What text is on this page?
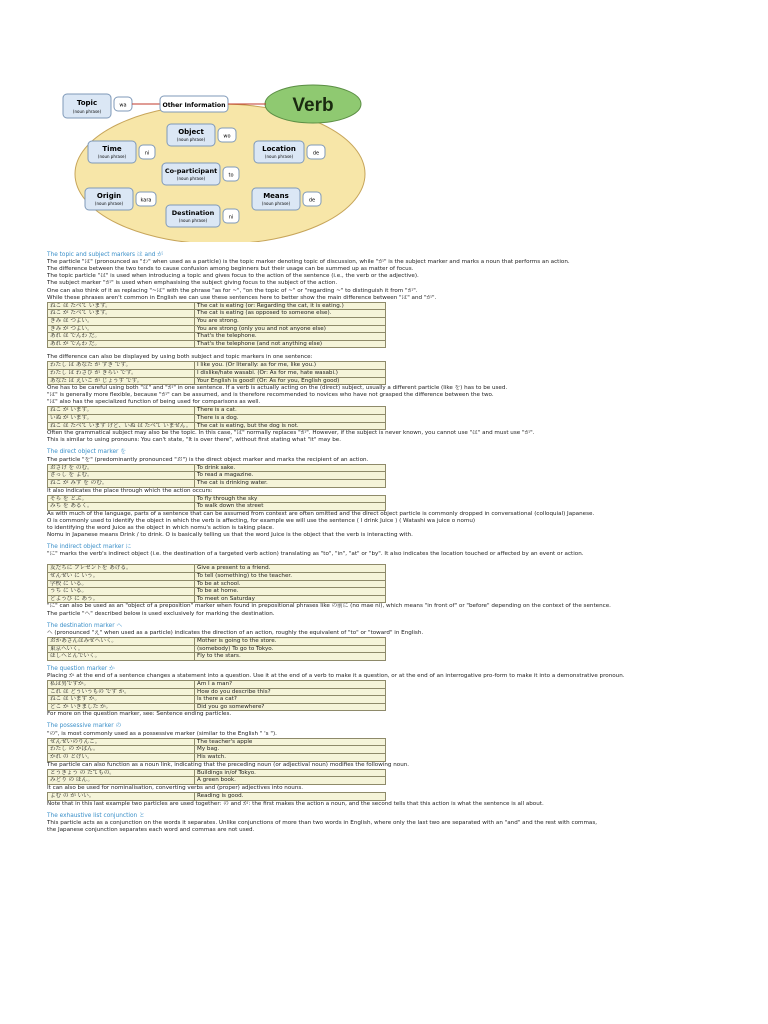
Verb
Topic
(noun phrase)
wa	Other Information
Object
(noun phrase)	wo
Time
(noun phrase)	ni
Location
(noun phrase)	de
Co-participant
(noun phrase)	to
Origin
(noun phrase)	kara
Means
(noun phrase)	de
Destination
(noun phrase)	ni
The topic and subject markers は and が
The particle "は" (pronounced as "わ" when used as a particle) is the topic marker denoting topic of discussion, while "が" is the subject marker and marks a noun that performs an action.
The difference between the two tends to cause confusion among beginners but their usage can be summed up as matter of focus.
The topic particle "は" is used when introducing a topic and gives focus to the action of the sentence (i.e., the verb or the adjective).
The subject marker "が" is used when emphasising the subject giving focus to the subject of the action.
One can also think of it as replacing "~は" with the phrase "as for ~", "on the topic of ~" or "regarding ~" to distinguish it from "が".
While these phrases aren't common in English we can use these sentences here to better show the main difference between "は" and "が".
ねこ は たべて います。	The cat is eating (or: Regarding the cat, it is eating.)
ねこ が たべて います。	The cat is eating (as opposed to someone else).
きみ は つよい。	You are strong.
きみ が つよい。	You are strong (only you and not anyone else)
あれ は でんわ だ。	That's the telephone.
あれ が でんわ だ。	That's the telephone (and not anything else)
The difference can also be displayed by using both subject and topic markers in one sentence:
わたし は あなた が すき です。	I like you. (Or literally: as for me, like you.)
わたし は わさび が きらい です。	I dislike/hate wasabi. (Or: As for me, hate wasabi.)
あなた は えいご が じょうず です。	Your English is good! (Or: As for you, English good)
One has to be careful using both "は" and "が" in one sentence. If a verb is actually acting on the (direct) subject, usually a different particle (like を) has to be used.
"は" is generally more flexible, because "が" can be assumed, and is therefore recommended to novices who have not grasped the difference between the two.
"は" also has the specialized function of being used for comparisons as well.
ねこ が います。	There is a cat.
いぬ が います。	There is a dog.
ねこ は たべて います けど、いぬ は たべて いません。	The cat is eating, but the dog is not.
Often the grammatical subject may also be the topic. In this case, "は" normally replaces "が". However, if the subject is never known, you cannot use "は" and must use "が".
This is similar to using pronouns: You can't state, "It is over there", without first stating what "it" may be.
The direct object marker を
The particle "を" (predominantly pronounced "お") is the direct object marker and marks the recipient of an action.
おさけ を のむ。	To drink sake.
ざっし を よむ。	To read a magazine.
ねこ が みず を のむ。	The cat is drinking water.
It also indicates the place through which the action occurs:
そら を とぶ。	To fly through the sky
みち を あるく。	To walk down the street
As with much of the language, parts of a sentence that can be assumed from context are often omitted and the direct object particle is commonly dropped in conversational (colloquial) Japanese.
O is commonly used to identify the object in which the verb is affecting, for example we will use the sentence ( I drink Juice ) ( Watashi wa juice o nomu)
to identifying the word Juice as the object in which nomu's action is taking place.
Nomu in Japanese means Drink / to drink. O is basically telling us that the word Juice is the object that the verb is interacting with.
The indirect object marker に
"に" marks the verb's indirect object (i.e. the destination of a targeted verb action) translating as "to", "in", "at" or "by". It also indicates the location touched or affected by an event or action.
友だちに プレゼントを あげる。	Give a present to a friend.
せんせい に いう。	To tell (something) to the teacher.
学校 に いる。	To be at school.
うち に いる。	To be at home.
どようび に あう。	To meet on Saturday
"に" can also be used as an "object of a preposition" marker when found in prepositional phrases like の前に (no mae ni), which means "in front of" or "before" depending on the context of the sentence.
The particle "へ" described below is used exclusively for marking the destination.
The destination marker へ
へ (pronounced "え" when used as a particle) indicates the direction of an action, roughly the equivalent of "to" or "toward" in English.
おかあさんはみせへいく。	Mother is going to the store.
東京へいく。	(somebody) To go to Tokyo.
ほしへとんでいく。	Fly to the stars.
The question marker か
Placing か at the end of a sentence changes a statement into a question. Use it at the end of a verb to make it a question, or at the end of an interrogative pro-form to make it into a demonstrative pronoun.
私は男ですか。	Am I a man?
これ は どういうもの です か。	How do you describe this?
ねこ は います か。	Is there a cat?
どこ か いきました か。	Did you go somewhere?
For more on the question marker, see: Sentence ending particles.
The possessive marker の
"の", is most commonly used as a possessive marker (similar to the English " 's ").
せんせいのりんご。	The teacher's apple
わたし の かばん。	My bag.
かれ の とけい。	His watch.
The particle can also function as a noun link, indicating that the preceding noun (or adjectival noun) modifies the following noun.
とうきょう の たてもの。	Buildings in/of Tokyo.
みどり の ほん。	A green book.
It can also be used for nominalisation, converting verbs and (proper) adjectives into nouns.
よむ の が いい。	Reading is good.
Note that in this last example two particles are used together: の and が: the first makes the action a noun, and the second tells that this action is what the sentence is all about.
The exhaustive list conjunction と
This particle acts as a conjunction on the words it separates. Unlike conjunctions of more than two words in English, where only the last two are separated with an "and" and the rest with commas,
the Japanese conjunction separates each word and commas are not used.
